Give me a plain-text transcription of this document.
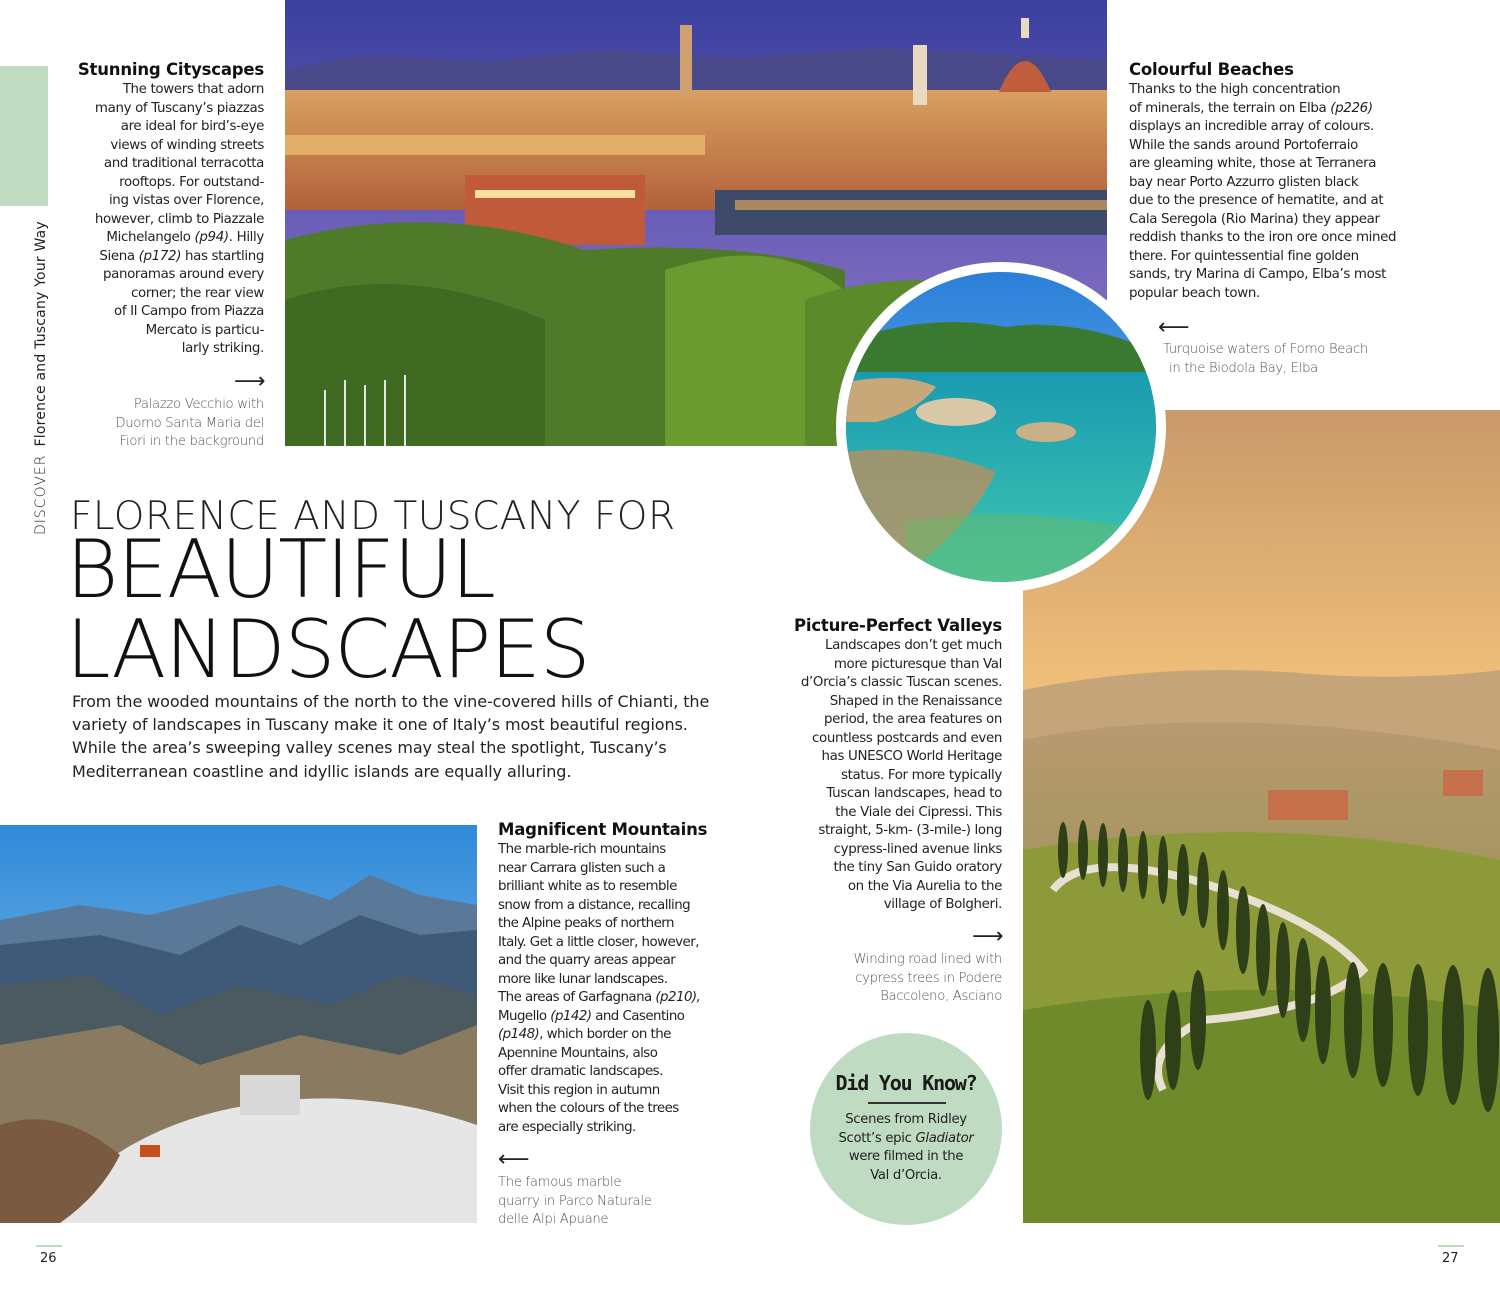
DISCOVERFlorence and Tuscany Your Way
Stunning Cityscapes
The towers that adorn
many of Tuscany’s piazzas
are ideal for bird’s-eye
views of winding streets
and traditional terracotta
rooftops. For outstand-
ing vistas over Florence,
however, climb to Piazzale
Michelangelo (p94). Hilly
Siena (p172) has startling
panoramas around every
corner; the rear view
of Il Campo from Piazza
Mercato is particu-
larly striking.
⟶
Palazzo Vecchio with
Duomo Santa Maria del
Fiori in the background
Colourful Beaches
Thanks to the high concentration
of minerals, the terrain on Elba (p226)
displays an incredible array of colours.
While the sands around Portoferraio
are gleaming white, those at Terranera
bay near Porto Azzurro glisten black
due to the presence of hematite, and at
Cala Seregola (Rio Marina) they appear
reddish thanks to the iron ore once mined
there. For quintessential fine golden
sands, try Marina di Campo, Elba’s most
popular beach town.
⟵
Turquoise waters of Forno Beach
in the Biodola Bay, Elba
FLORENCE AND TUSCANY FOR
BEAUTIFUL
LANDSCAPES
From the wooded mountains of the north to the vine-covered hills of Chianti, the variety of landscapes in Tuscany make it one of Italy’s most beautiful regions. While the area’s sweeping valley scenes may steal the spotlight, Tuscany’s Mediterranean coastline and idyllic islands are equally alluring.
Picture-Perfect Valleys
Landscapes don’t get much
more picturesque than Val
d’Orcia’s classic Tuscan scenes.
Shaped in the Renaissance
period, the area features on
countless postcards and even
has UNESCO World Heritage
status. For more typically
Tuscan landscapes, head to
the Viale dei Cipressi. This
straight, 5-km- (3-mile-) long
cypress-lined avenue links
the tiny San Guido oratory
on the Via Aurelia to the
village of Bolgheri.
⟶
Winding road lined with
cypress trees in Podere
Baccoleno, Asciano
Magnificent Mountains
The marble-rich mountains
near Carrara glisten such a
brilliant white as to resemble
snow from a distance, recalling
the Alpine peaks of northern
Italy. Get a little closer, however,
and the quarry areas appear
more like lunar landscapes.
The areas of Garfagnana (p210),
Mugello (p142) and Casentino
(p148), which border on the
Apennine Mountains, also
offer dramatic landscapes.
Visit this region in autumn
when the colours of the trees
are especially striking.
⟵
The famous marble
quarry in Parco Naturale
delle Alpi Apuane
Did You Know?
Scenes from Ridley
Scott’s epic Gladiator
were filmed in the
Val d’Orcia.
26	27
